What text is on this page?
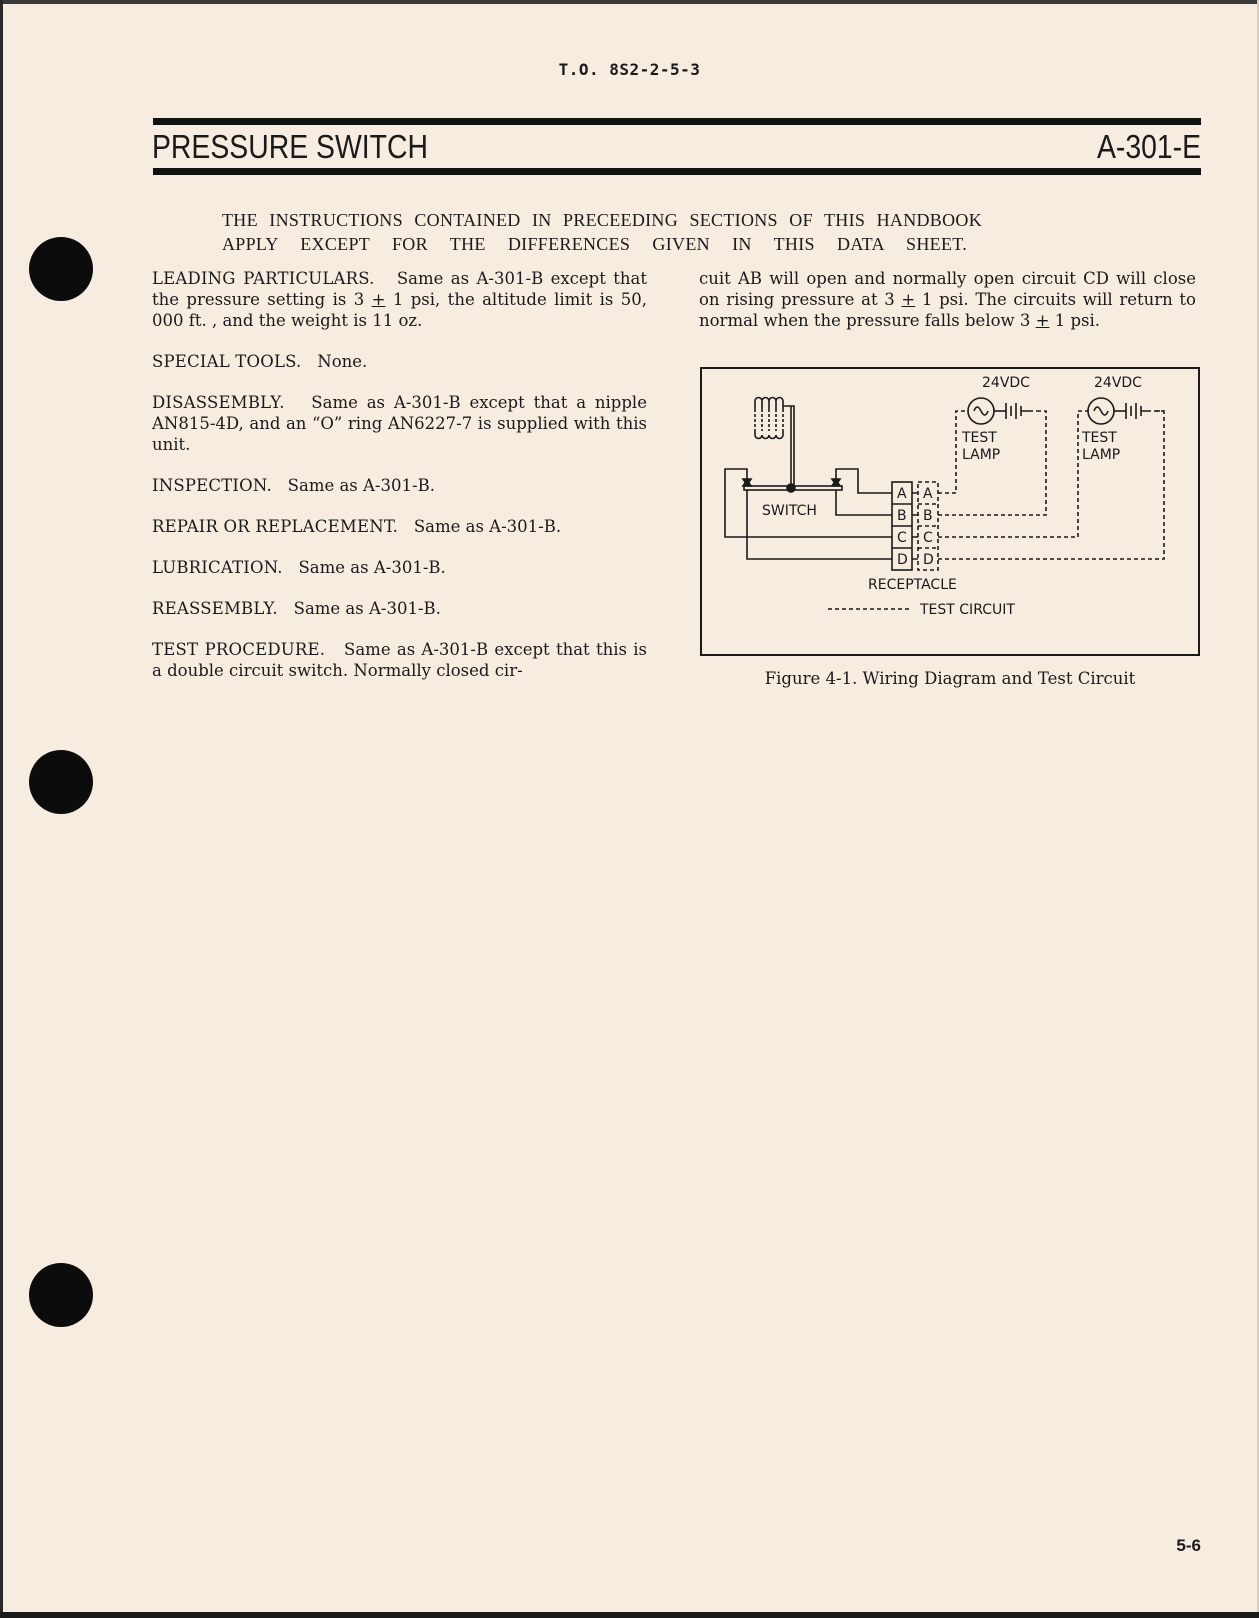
T.O. 8S2-2-5-3
PRESSURE SWITCH	A-301-E
THE INSTRUCTIONS CONTAINED IN PRECEEDING SECTIONS OF THIS HANDBOOK
APPLY EXCEPT FOR THE DIFFERENCES GIVEN IN THIS DATA SHEET.

LEADING PARTICULARS. Same as A-301-B except that the pressure setting is 3 + 1 psi, the altitude limit is 50, 000 ft. , and the weight is 11 oz.

SPECIAL TOOLS. None.

DISASSEMBLY. Same as A-301-B except that a nipple AN815-4D, and an “O” ring AN6227-7 is supplied with this unit.

INSPECTION. Same as A-301-B.

REPAIR OR REPLACEMENT. Same as A-301-B.

LUBRICATION. Same as A-301-B.

REASSEMBLY. Same as A-301-B.

TEST PROCEDURE. Same as A-301-B except that this is a double circuit switch. Normally closed cir-

cuit AB will open and normally open circuit CD will close on rising pressure at 3 + 1 psi. The circuits will return to normal when the pressure falls below 3 + 1 psi.
24VDC	24VDC
TEST
LAMP
TEST
LAMP
SWITCH
A
B
C
D
A
B
C
D
RECEPTACLE
TEST CIRCUIT
Figure 4-1. Wiring Diagram and Test Circuit
5-6
